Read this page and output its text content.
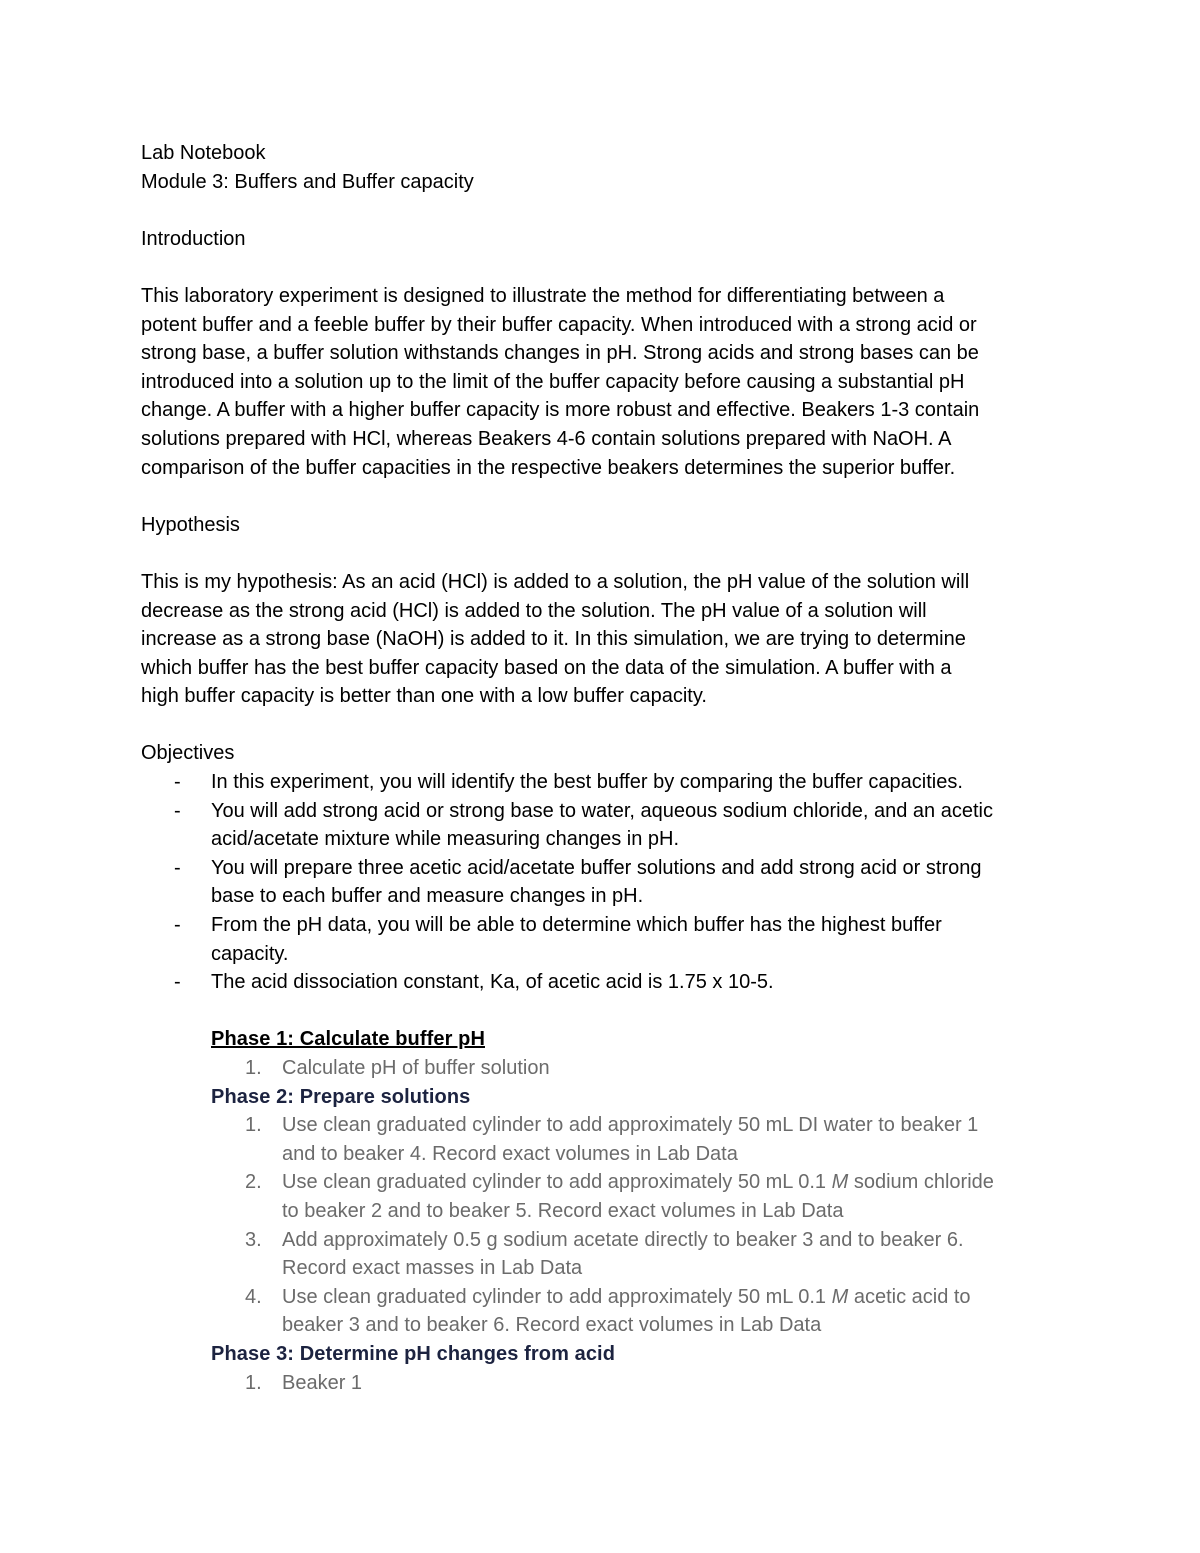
Lab Notebook

Module 3: Buffers and Buffer capacity

Introduction

This laboratory experiment is designed to illustrate the method for differentiating between a
potent buffer and a feeble buffer by their buffer capacity. When introduced with a strong acid or
strong base, a buffer solution withstands changes in pH. Strong acids and strong bases can be
introduced into a solution up to the limit of the buffer capacity before causing a substantial pH
change. A buffer with a higher buffer capacity is more robust and effective. Beakers 1-3 contain
solutions prepared with HCl, whereas Beakers 4-6 contain solutions prepared with NaOH. A
comparison of the buffer capacities in the respective beakers determines the superior buffer.

Hypothesis

This is my hypothesis: As an acid (HCl) is added to a solution, the pH value of the solution will
decrease as the strong acid (HCl) is added to the solution. The pH value of a solution will
increase as a strong base (NaOH) is added to it. In this simulation, we are trying to determine
which buffer has the best buffer capacity based on the data of the simulation. A buffer with a
high buffer capacity is better than one with a low buffer capacity.

Objectives

- In this experiment, you will identify the best buffer by comparing the buffer capacities.
- You will add strong acid or strong base to water, aqueous sodium chloride, and an acetic
acid/acetate mixture while measuring changes in pH.
- You will prepare three acetic acid/acetate buffer solutions and add strong acid or strong
base to each buffer and measure changes in pH.
- From the pH data, you will be able to determine which buffer has the highest buffer
capacity.
- The acid dissociation constant, Ka, of acetic acid is 1.75 x 10-5.

Phase 1: Calculate buffer pH

1. Calculate pH of buffer solution

Phase 2: Prepare solutions

1. Use clean graduated cylinder to add approximately 50 mL DI water to beaker 1
and to beaker 4. Record exact volumes in Lab Data
2. Use clean graduated cylinder to add approximately 50 mL 0.1 M sodium chloride
to beaker 2 and to beaker 5. Record exact volumes in Lab Data
3. Add approximately 0.5 g sodium acetate directly to beaker 3 and to beaker 6.
Record exact masses in Lab Data
4. Use clean graduated cylinder to add approximately 50 mL 0.1 M acetic acid to
beaker 3 and to beaker 6. Record exact volumes in Lab Data

Phase 3: Determine pH changes from acid

1. Beaker 1
